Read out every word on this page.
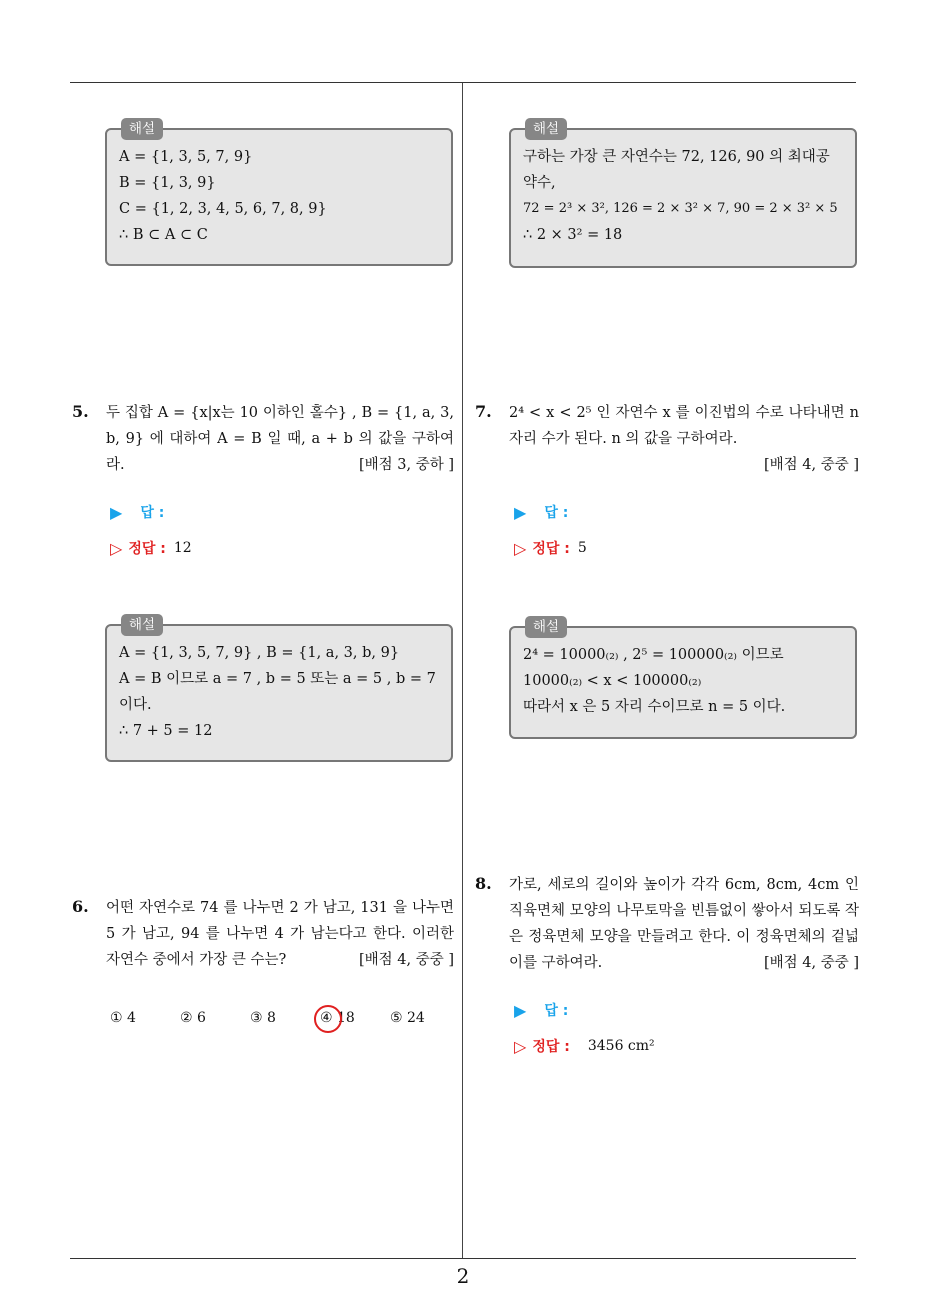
2
해설
A = {1, 3, 5, 7, 9}
B = {1, 3, 9}
C = {1, 2, 3, 4, 5, 6, 7, 8, 9}
∴ B ⊂ A ⊂ C
5. 두 집합 A = {x|x는 10 이하인 홀수} , B = {1, a, 3, b, 9} 에 대하여 A = B 일 때, a + b 의 값을 구하여라.	[배점 3, 중하 ]
▶ 답 :
▷ 정답 : 12
해설
A = {1, 3, 5, 7, 9} , B = {1, a, 3, b, 9}
A = B 이므로 a = 7 , b = 5 또는 a = 5 , b = 7
이다.
∴ 7 + 5 = 12
6. 어떤 자연수로 74 를 나누면 2 가 남고, 131 을 나누면 5 가 남고, 94 를 나누면 4 가 남는다고 한다. 이러한 자연수 중에서 가장 큰 수는?	[배점 4, 중중 ]
① 4	② 6	③ 8	④ 18	⑤ 24
해설
구하는 가장 큰 자연수는 72, 126, 90 의 최대공약수,
72 = 2³ × 3², 126 = 2 × 3² × 7, 90 = 2 × 3² × 5
∴ 2 × 3² = 18
7. 2⁴ < x < 2⁵ 인 자연수 x 를 이진법의 수로 나타내면 n 자리 수가 된다. n 의 값을 구하여라.
[배점 4, 중중 ]
▶ 답 :
▷ 정답 : 5
해설
2⁴ = 10000₍₂₎ , 2⁵ = 100000₍₂₎ 이므로
10000₍₂₎ < x < 100000₍₂₎
따라서 x 은 5 자리 수이므로 n = 5 이다.
8. 가로, 세로의 길이와 높이가 각각 6cm, 8cm, 4cm 인 직육면체 모양의 나무토막을 빈틈없이 쌓아서 되도록 작은 정육면체 모양을 만들려고 한다. 이 정육면체의 겉넓이를 구하여라.	[배점 4, 중중 ]
▶ 답 :
▷ 정답 : 3456 cm²
